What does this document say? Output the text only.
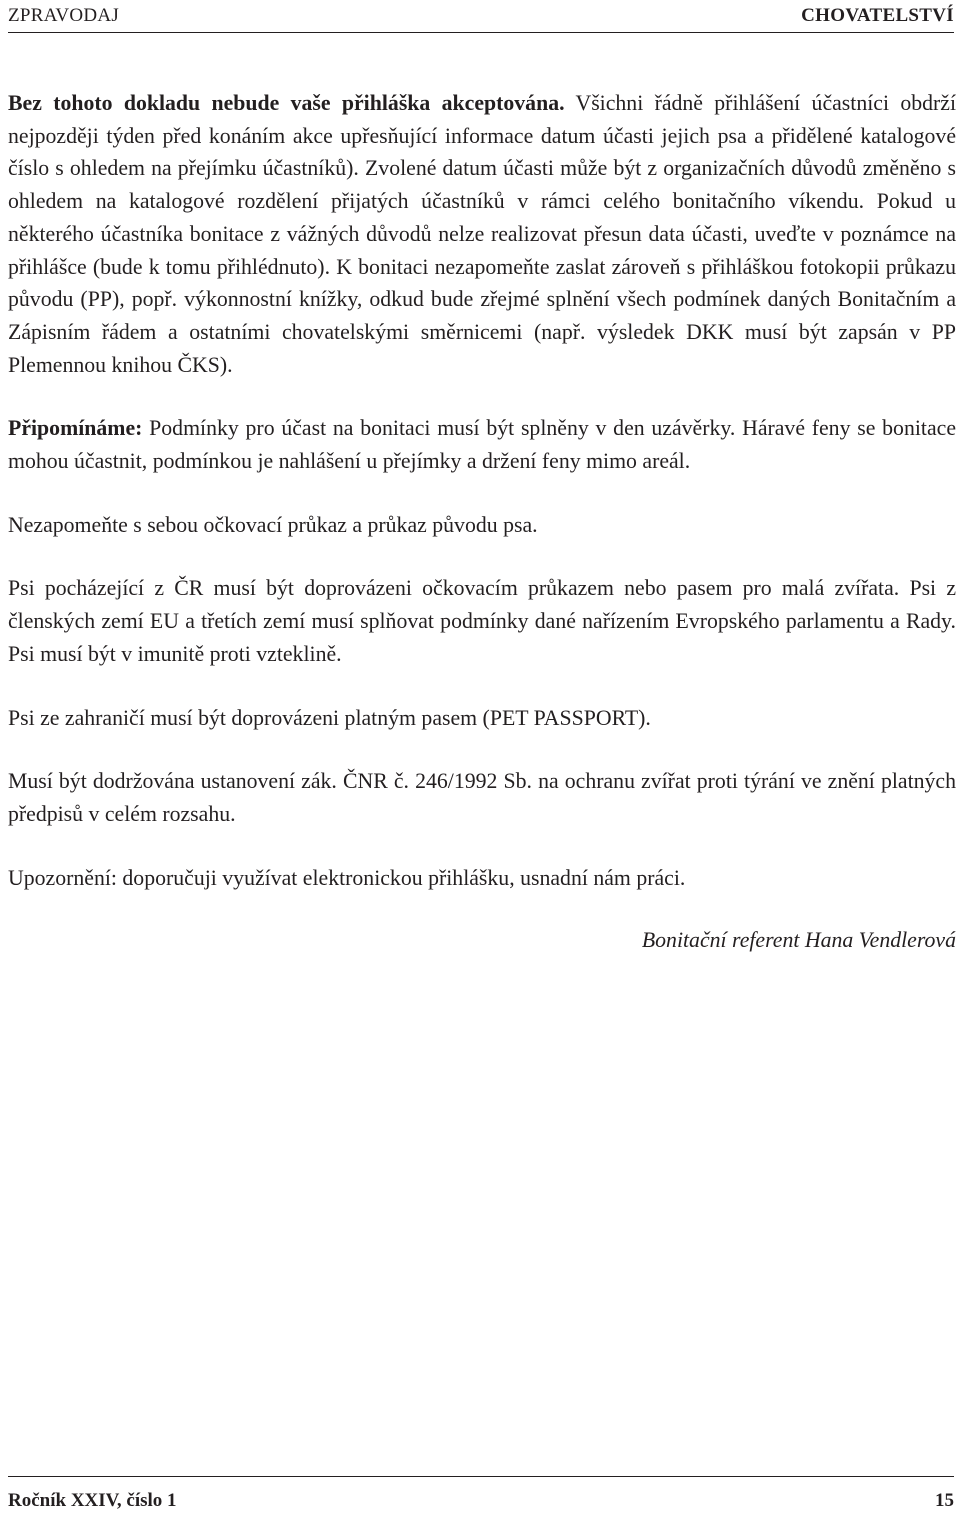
ZPRAVODAJ	CHOVATELSTVÍ

Bez tohoto dokladu nebude vaše přihláška akceptována. Všichni řádně přihlášení účastníci obdrží nejpozději týden před konáním akce upřesňující informace datum účasti jejich psa a přidělené katalogové číslo s ohledem na přejímku účastníků). Zvolené datum účasti může být z organizačních důvodů změněno s ohledem na katalogové rozdělení přijatých účastníků v rámci celého bonitačního víkendu. Pokud u některého účastníka bonitace z vážných důvodů nelze realizovat přesun data účasti, uveďte v poznámce na přihlášce (bude k tomu přihlédnuto). K bonitaci nezapomeňte zaslat zároveň s přihláškou fotokopii průkazu původu (PP), popř. výkonnostní knížky, odkud bude zřejmé splnění všech podmínek daných Bonitačním a Zápisním řádem a ostatními chovatelskými směrnicemi (např. výsledek DKK musí být zapsán v PP Plemennou knihou ČKS).

Připomínáme: Podmínky pro účast na bonitaci musí být splněny v den uzávěrky. Háravé feny se bonitace mohou účastnit, podmínkou je nahlášení u přejímky a držení feny mimo areál.

Nezapomeňte s sebou očkovací průkaz a průkaz původu psa.

Psi pocházející z ČR musí být doprovázeni očkovacím průkazem nebo pasem pro malá zvířata. Psi z členských zemí EU a třetích zemí musí splňovat podmínky dané nařízením Evropského parlamentu a Rady. Psi musí být v imunitě proti vzteklině.

Psi ze zahraničí musí být doprovázeni platným pasem (PET PASSPORT).

Musí být dodržována ustanovení zák. ČNR č. 246/1992 Sb. na ochranu zvířat proti týrání ve znění platných předpisů v celém rozsahu.

Upozornění: doporučuji využívat elektronickou přihlášku, usnadní nám práci.

Bonitační referent Hana Vendlerová

Ročník XXIV, číslo 1	15
